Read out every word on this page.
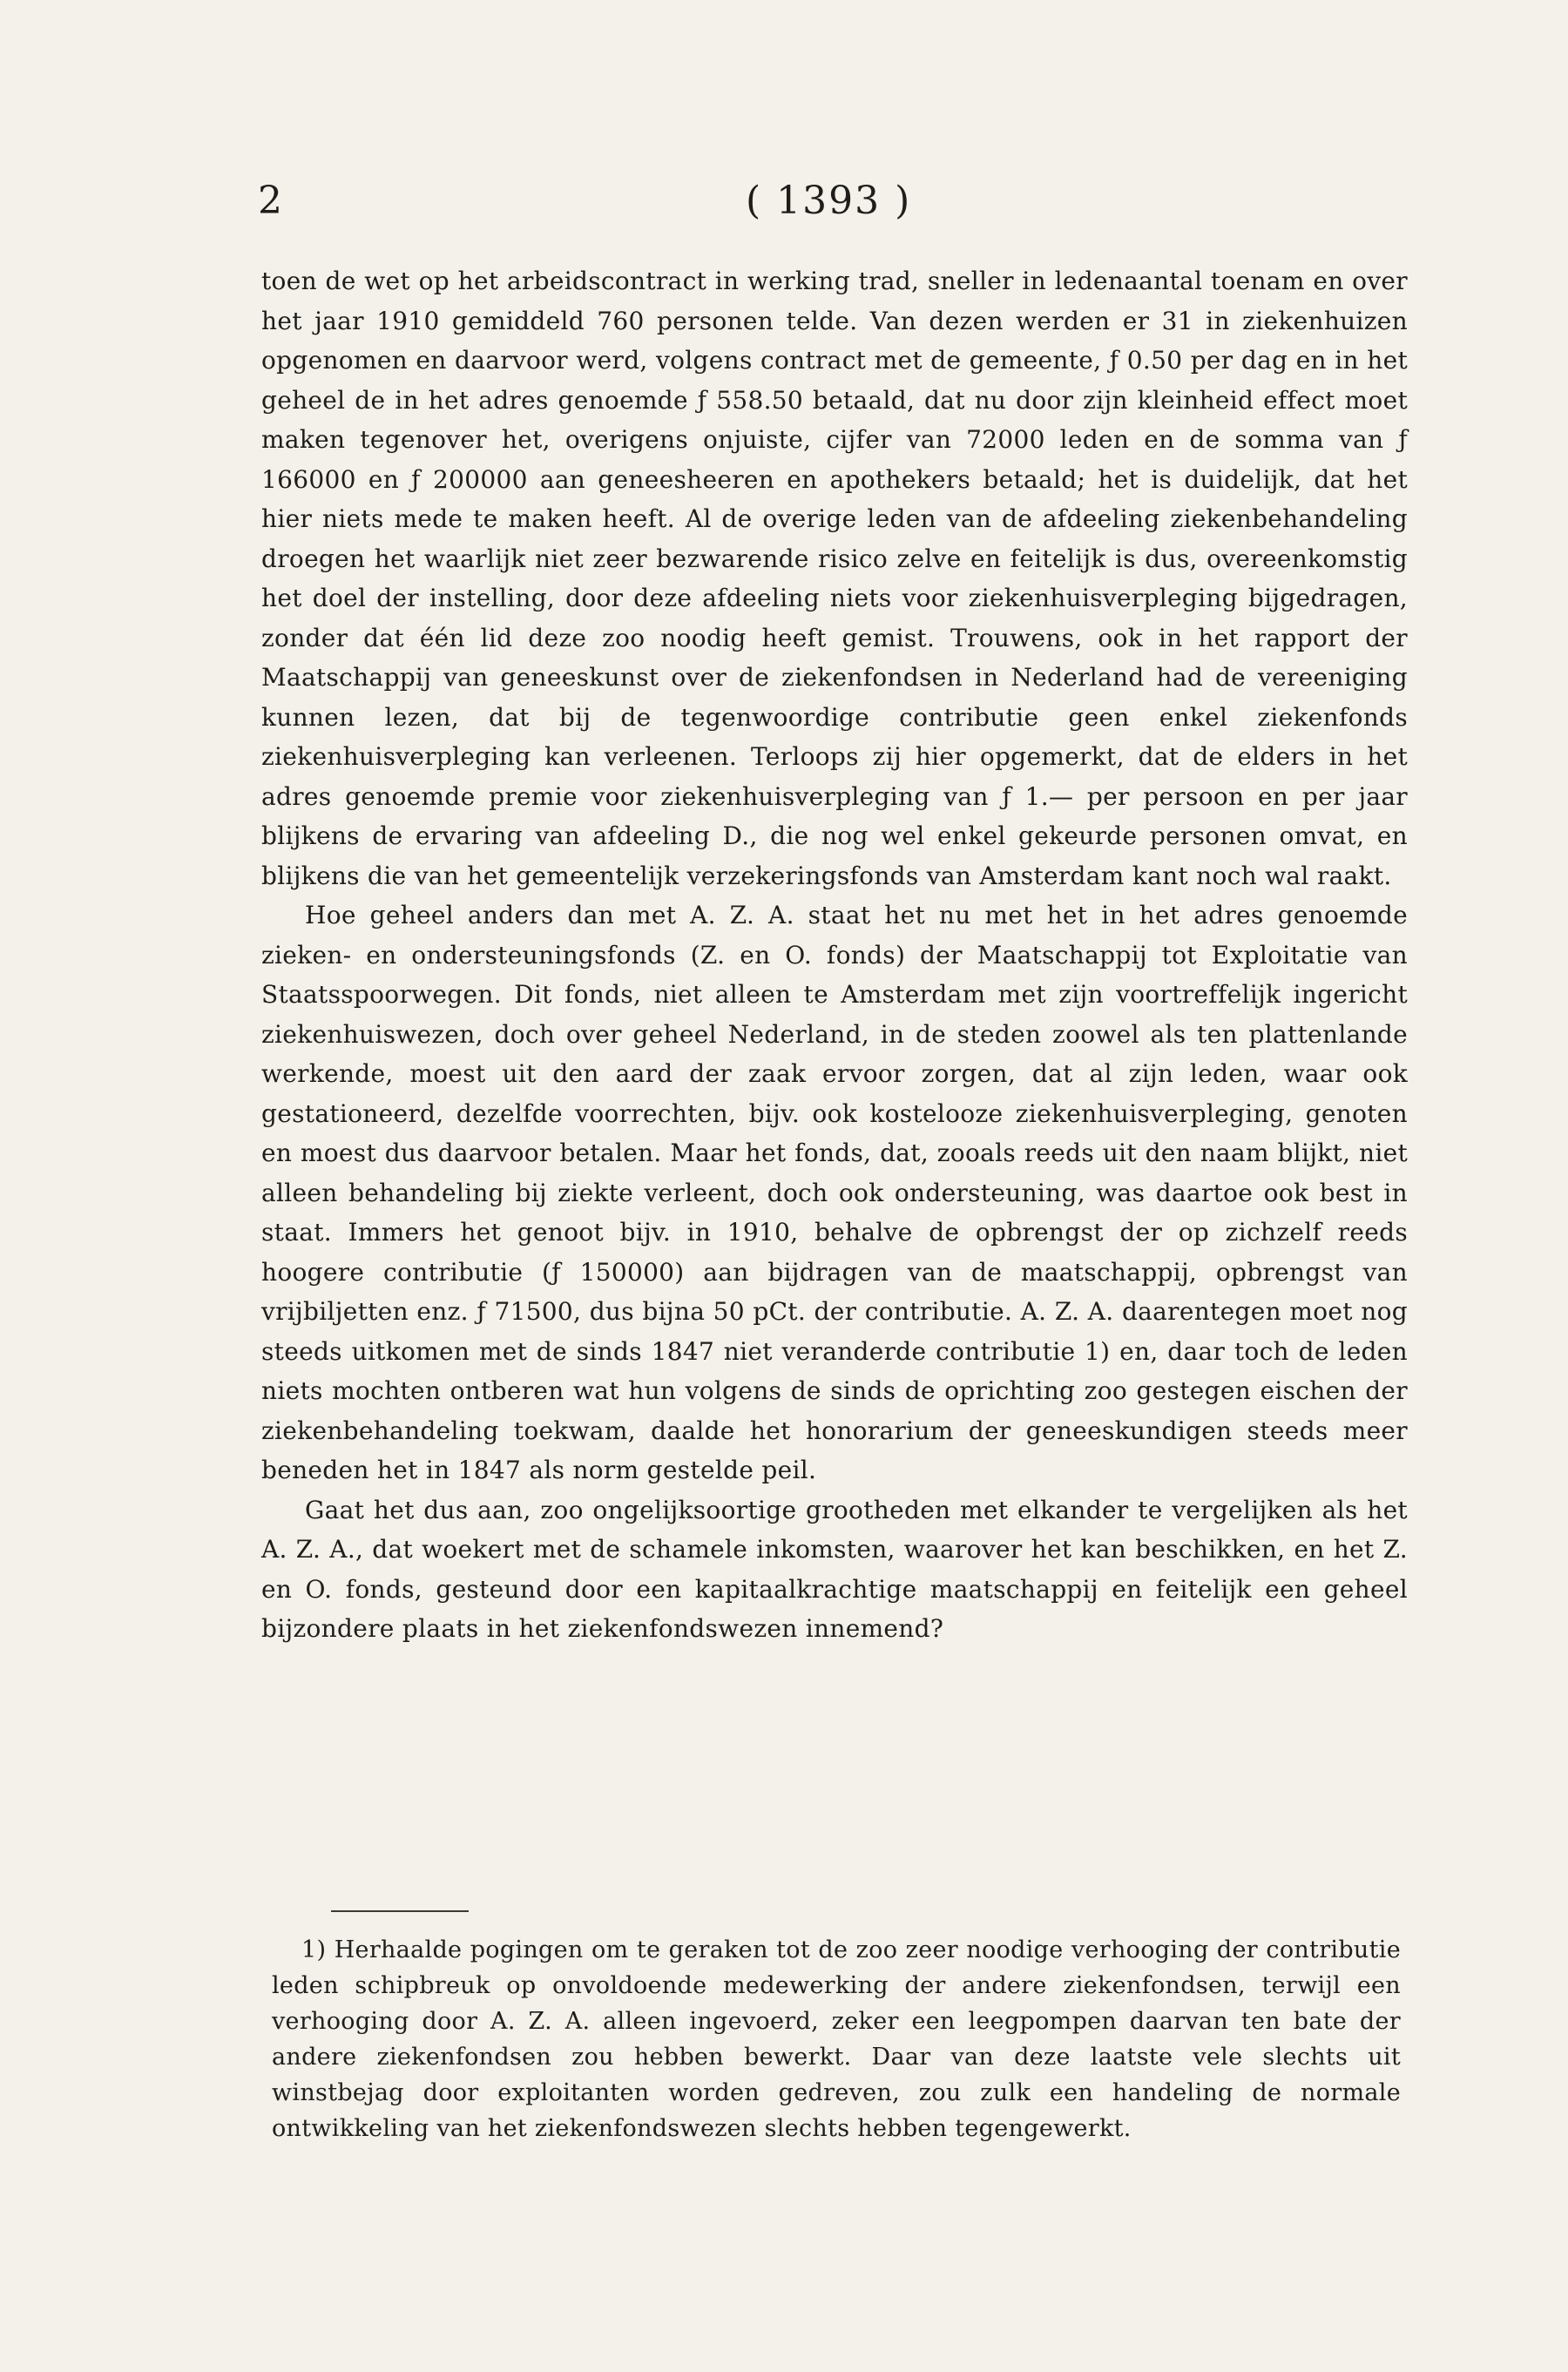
2	( 1393 )

toen de wet op het arbeidscontract in werking trad, sneller in ledenaantal toenam en over het jaar 1910 gemiddeld 760 personen telde. Van dezen werden er 31 in ziekenhuizen opgenomen en daarvoor werd, volgens contract met de gemeente, ƒ 0.50 per dag en in het geheel de in het adres genoemde ƒ 558.50 betaald, dat nu door zijn kleinheid effect moet maken tegenover het, overigens onjuiste, cijfer van 72000 leden en de somma van ƒ 166000 en ƒ 200000 aan geneesheeren en apothekers betaald; het is duidelijk, dat het hier niets mede te maken heeft. Al de overige leden van de afdeeling ziekenbehandeling droegen het waarlijk niet zeer bezwarende risico zelve en feitelijk is dus, overeenkomstig het doel der instelling, door deze afdeeling niets voor ziekenhuisverpleging bijgedragen, zonder dat één lid deze zoo noodig heeft gemist. Trouwens, ook in het rapport der Maatschappij van geneeskunst over de ziekenfondsen in Nederland had de vereeniging kunnen lezen, dat bij de tegenwoordige contributie geen enkel ziekenfonds ziekenhuisverpleging kan verleenen. Terloops zij hier opgemerkt, dat de elders in het adres genoemde premie voor ziekenhuisverpleging van ƒ 1.— per persoon en per jaar blijkens de ervaring van afdeeling D., die nog wel enkel gekeurde personen omvat, en blijkens die van het gemeentelijk verzekeringsfonds van Amsterdam kant noch wal raakt.

Hoe geheel anders dan met A. Z. A. staat het nu met het in het adres genoemde zieken- en ondersteuningsfonds (Z. en O. fonds) der Maatschappij tot Exploitatie van Staatsspoorwegen. Dit fonds, niet alleen te Amsterdam met zijn voortreffelijk ingericht ziekenhuiswezen, doch over geheel Nederland, in de steden zoowel als ten plattenlande werkende, moest uit den aard der zaak ervoor zorgen, dat al zijn leden, waar ook gestationeerd, dezelfde voorrechten, bijv. ook kostelooze ziekenhuisverpleging, genoten en moest dus daarvoor betalen. Maar het fonds, dat, zooals reeds uit den naam blijkt, niet alleen behandeling bij ziekte verleent, doch ook ondersteuning, was daartoe ook best in staat. Immers het genoot bijv. in 1910, behalve de opbrengst der op zichzelf reeds hoogere contributie (ƒ 150000) aan bijdragen van de maatschappij, opbrengst van vrijbiljetten enz. ƒ 71500, dus bijna 50 pCt. der contributie. A. Z. A. daarentegen moet nog steeds uitkomen met de sinds 1847 niet veranderde contributie 1) en, daar toch de leden niets mochten ontberen wat hun volgens de sinds de oprichting zoo gestegen eischen der ziekenbehandeling toekwam, daalde het honorarium der geneeskundigen steeds meer beneden het in 1847 als norm gestelde peil.

Gaat het dus aan, zoo ongelijksoortige grootheden met elkander te vergelijken als het A. Z. A., dat woekert met de schamele inkomsten, waarover het kan beschikken, en het Z. en O. fonds, gesteund door een kapitaalkrachtige maatschappij en feitelijk een geheel bijzondere plaats in het ziekenfondswezen innemend?

1) Herhaalde pogingen om te geraken tot de zoo zeer noodige verhooging der contributie leden schipbreuk op onvoldoende medewerking der andere ziekenfondsen, terwijl een verhooging door A. Z. A. alleen ingevoerd, zeker een leegpompen daarvan ten bate der andere ziekenfondsen zou hebben bewerkt. Daar van deze laatste vele slechts uit winstbejag door exploitanten worden gedreven, zou zulk een handeling de normale ontwikkeling van het ziekenfondswezen slechts hebben tegengewerkt.
